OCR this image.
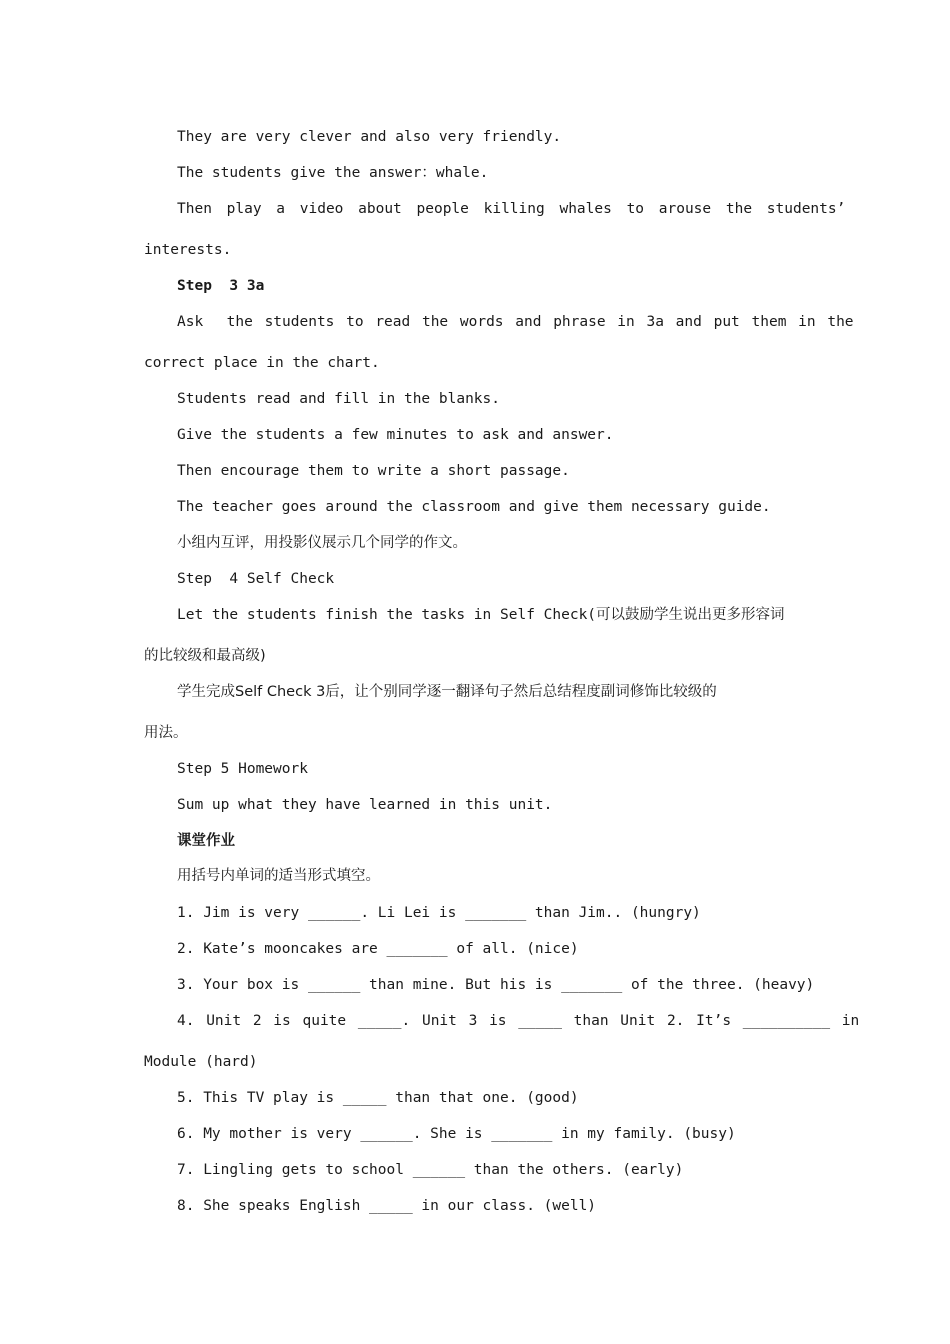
They are very clever and also very friendly.
The students give the answer：whale.
Then play a video about people killing whales to arouse the students’
interests.
Step  3 3a
Ask  the students to read the words and phrase in 3a and put them in the
correct place in the chart.
Students read and fill in the blanks.
Give the students a few minutes to ask and answer.
Then encourage them to write a short passage.
The teacher goes around the classroom and give them necessary guide.
小组内互评，用投影仪展示几个同学的作文。
Step  4 Self Check
Let the students finish the tasks in Self Check(可以鼓励学生说出更多形容词
的比较级和最高级)
学生完成Self Check 3后，让个别同学逐一翻译句子然后总结程度副词修饰比较级的
用法。
Step 5 Homework
Sum up what they have learned in this unit.
课堂作业
用括号内单词的适当形式填空。
1. Jim is very ______. Li Lei is _______ than Jim.. (hungry)
2. Kate’s mooncakes are _______ of all. (nice)
3. Your box is ______ than mine. But his is _______ of the three. (heavy)
4. Unit 2 is quite _____. Unit 3 is _____ than Unit 2. It’s __________ in
Module (hard)
5. This TV play is _____ than that one. (good)
6. My mother is very ______. She is _______ in my family. (busy)
7. Lingling gets to school ______ than the others. (early)
8. She speaks English _____ in our class. (well)
